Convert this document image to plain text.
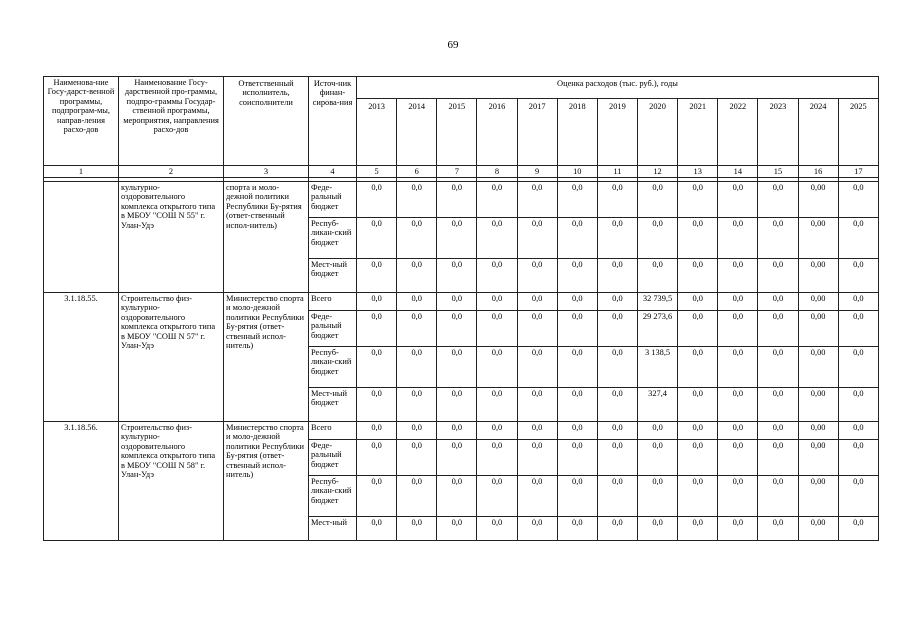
69
Наименова-ние Госу-дарст-венной программы, подпрограм-мы, направ-ления расхо-дов	Наименование Госу-дарственной про-граммы, подпро-граммы Государ-ственной программы, мероприятия, направления расхо-дов	Ответственный исполнитель, соисполнители	Источ-ник финан-сирова-ния	Оценка расходов (тыс. руб.), годы												
				2013	2014	2015	2016	2017	2018	2019	2020	2021	2022	2023	2024	2025
1	2	3	4	5	6	7	8	9	10	11	12	13	14	15	16	17

	культурно-оздоровительного комплекса открытого типа в МБОУ "СОШ N 55" г. Улан-Удэ	спорта и моло-дежной политики Республики Бу-рятия (ответ-ственный испол-нитель)	Феде-ральный бюджет	0,0	0,0	0,0	0,0	0,0	0,0	0,0	0,0	0,0	0,0	0,0	0,00	0,0
			Респуб-ликан-ский бюджет	0,0	0,0	0,0	0,0	0,0	0,0	0,0	0,0	0,0	0,0	0,0	0,00	0,0
			Мест-ный бюджет	0,0	0,0	0,0	0,0	0,0	0,0	0,0	0,0	0,0	0,0	0,0	0,00	0,0
3.1.18.55.	Строительство физ-культурно-оздоровительного комплекса открытого типа в МБОУ "СОШ N 57" г. Улан-Удэ	Министерство спорта и моло-дежной политики Республики Бу-рятия (ответ-ственный испол-нитель)	Всего	0,0	0,0	0,0	0,0	0,0	0,0	0,0	32 739,5	0,0	0,0	0,0	0,00	0,0
			Феде-ральный бюджет	0,0	0,0	0,0	0,0	0,0	0,0	0,0	29 273,6	0,0	0,0	0,0	0,00	0,0
			Респуб-ликан-ский бюджет	0,0	0,0	0,0	0,0	0,0	0,0	0,0	3 138,5	0,0	0,0	0,0	0,00	0,0
			Мест-ный бюджет	0,0	0,0	0,0	0,0	0,0	0,0	0,0	327,4	0,0	0,0	0,0	0,00	0,0
3.1.18.56.	Строительство физ-культурно-оздоровительного комплекса открытого типа в МБОУ "СОШ N 58" г. Улан-Удэ	Министерство спорта и моло-дежной политики Республики Бу-рятия (ответ-ственный испол-нитель)	Всего	0,0	0,0	0,0	0,0	0,0	0,0	0,0	0,0	0,0	0,0	0,0	0,00	0,0
			Феде-ральный бюджет	0,0	0,0	0,0	0,0	0,0	0,0	0,0	0,0	0,0	0,0	0,0	0,00	0,0
			Респуб-ликан-ский бюджет	0,0	0,0	0,0	0,0	0,0	0,0	0,0	0,0	0,0	0,0	0,0	0,00	0,0
			Мест-ный	0,0	0,0	0,0	0,0	0,0	0,0	0,0	0,0	0,0	0,0	0,0	0,00	0,0
